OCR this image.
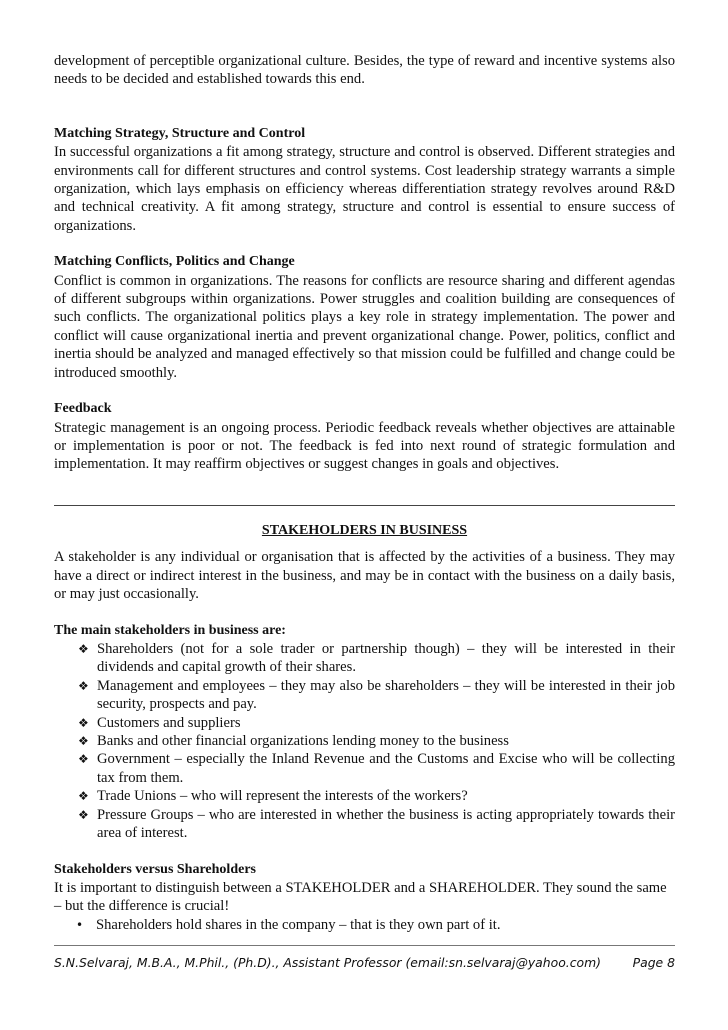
development of perceptible organizational culture. Besides, the type of reward and incentive systems also needs to be decided and established towards this end.

Matching Strategy, Structure and Control

In successful organizations a fit among strategy, structure and control is observed. Different strategies and environments call for different structures and control systems. Cost leadership strategy warrants a simple organization, which lays emphasis on efficiency whereas differentiation strategy revolves around R&D and technical creativity. A fit among strategy, structure and control is essential to ensure success of organizations.

Matching Conflicts, Politics and Change

Conflict is common in organizations. The reasons for conflicts are resource sharing and different agendas of different subgroups within organizations. Power struggles and coalition building are consequences of such conflicts. The organizational politics plays a key role in strategy implementation. The power and conflict will cause organizational inertia and prevent organizational change. Power, politics, conflict and inertia should be analyzed and managed effectively so that mission could be fulfilled and change could be introduced smoothly.

Feedback

Strategic management is an ongoing process. Periodic feedback reveals whether objectives are attainable or implementation is poor or not. The feedback is fed into next round of strategic formulation and implementation. It may reaffirm objectives or suggest changes in goals and objectives.

STAKEHOLDERS IN BUSINESS

A stakeholder is any individual or organisation that is affected by the activities of a business. They may have a direct or indirect interest in the business, and may be in contact with the business on a daily basis, or may just occasionally.

The main stakeholders in business are:

❖ Shareholders (not for a sole trader or partnership though) – they will be interested in their dividends and capital growth of their shares.
❖ Management and employees – they may also be shareholders – they will be interested in their job security, prospects and pay.
❖ Customers and suppliers
❖ Banks and other financial organizations lending money to the business
❖ Government – especially the Inland Revenue and the Customs and Excise who will be collecting tax from them.
❖ Trade Unions – who will represent the interests of the workers?
❖ Pressure Groups – who are interested in whether the business is acting appropriately towards their area of interest.

Stakeholders versus Shareholders

It is important to distinguish between a STAKEHOLDER and a SHAREHOLDER. They sound the same – but the difference is crucial!

• Shareholders hold shares in the company – that is they own part of it.
S.N.Selvaraj, M.B.A., M.Phil., (Ph.D)., Assistant Professor (email:sn.selvaraj@yahoo.com)	Page 8
